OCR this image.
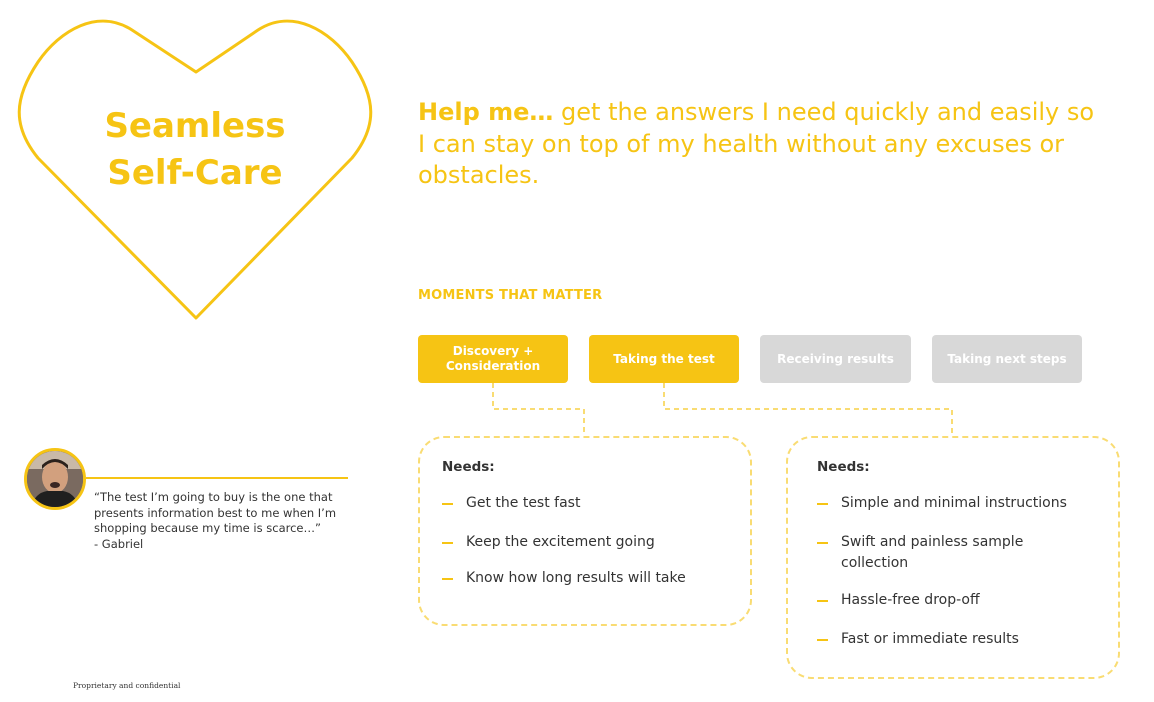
Seamless
Self-Care
Help me… get the answers I need quickly and easily so I can stay on top of my health without any excuses or obstacles.
MOMENTS THAT MATTER
Discovery +
Consideration
Taking the test	Receiving results	Taking next steps
Needs:
Get the test fast
Keep the excitement going
Know how long results will take
Needs:
Simple and minimal instructions
Swift and painless sample collection
Hassle-free drop-off
Fast or immediate results
“The test I’m going to buy is the one that presents information best to me when I’m shopping because my time is scarce…”
- Gabriel
Proprietary and confidential
